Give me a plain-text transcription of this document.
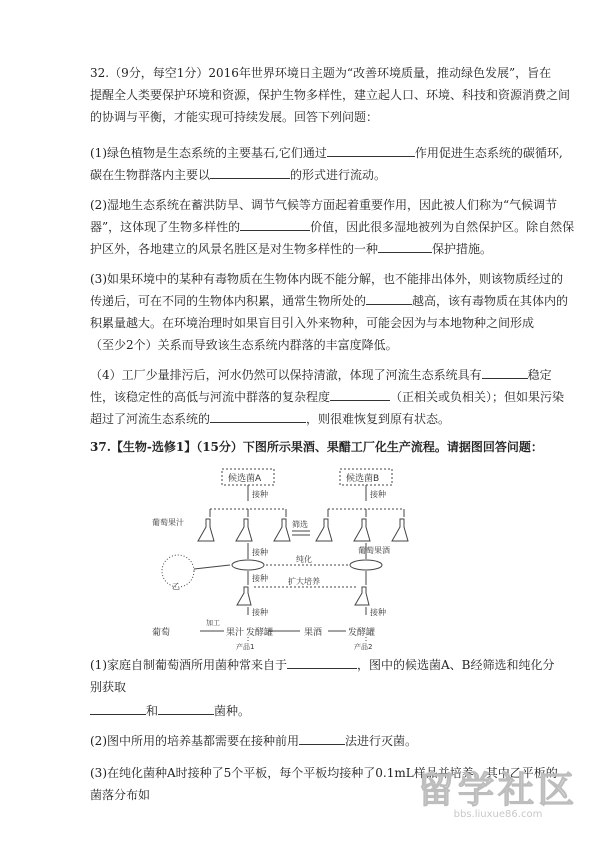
32.（9分，每空1分）2016年世界环境日主题为“改善环境质量，推动绿色发展”，旨在
提醒全人类要保护环境和资源，保护生物多样性，建立起人口、环境、科技和资源消费之间
的协调与平衡，才能实现可持续发展。回答下列问题：
(1)绿色植物是生态系统的主要基石,它们通过	作用促进生态系统的碳循环,
碳在生物群落内主要以	的形式进行流动。
(2)湿地生态系统在蓄洪防旱、调节气候等方面起着重要作用，因此被人们称为“气候调节
器”，这体现了生物多样性的	价值，因此很多湿地被列为自然保护区。除自然保
护区外，各地建立的风景名胜区是对生物多样性的一种	保护措施。
(3)如果环境中的某种有毒物质在生物体内既不能分解，也不能排出体外，则该物质经过的
传递后，可在不同的生物体内积累，通常生物所处的	越高，该有毒物质在其体内的
积累量越大。在环境治理时如果盲目引入外来物种，可能会因为与本地物种之间形成
（至少2个）关系而导致该生态系统内群落的丰富度降低。
（4）工厂少量排污后，河水仍然可以保持清澈，体现了河流生态系统具有	稳定
性，该稳定性的高低与河流中群落的复杂程度	（正相关或负相关）；但如果污染
超过了河流生态系统的	，则很难恢复到原有状态。
37.【生物-选修1】（15分）下图所示果酒、果醋工厂化生产流程。请据图回答问题：
候选菌A	候选菌B
接种	接种
葡萄果汁	筛选
葡萄果酒
接种
纯化
乙
接种	扩大培养
接种	接种
加工
葡萄	果汁 发酵罐	果酒	发酵罐
产品1	产品2
(1)家庭自制葡萄酒所用菌种常来自于	，图中的候选菌A、B经筛选和纯化分
别获取
和	菌种。
(2)图中所用的培养基都需要在接种前用	法进行灭菌。
(3)在纯化菌种A时接种了5个平板，每个平板均接种了0.1mL样品并培养。其中乙平板的
菌落分布如	留学社区
bbs.liuxue86.com
